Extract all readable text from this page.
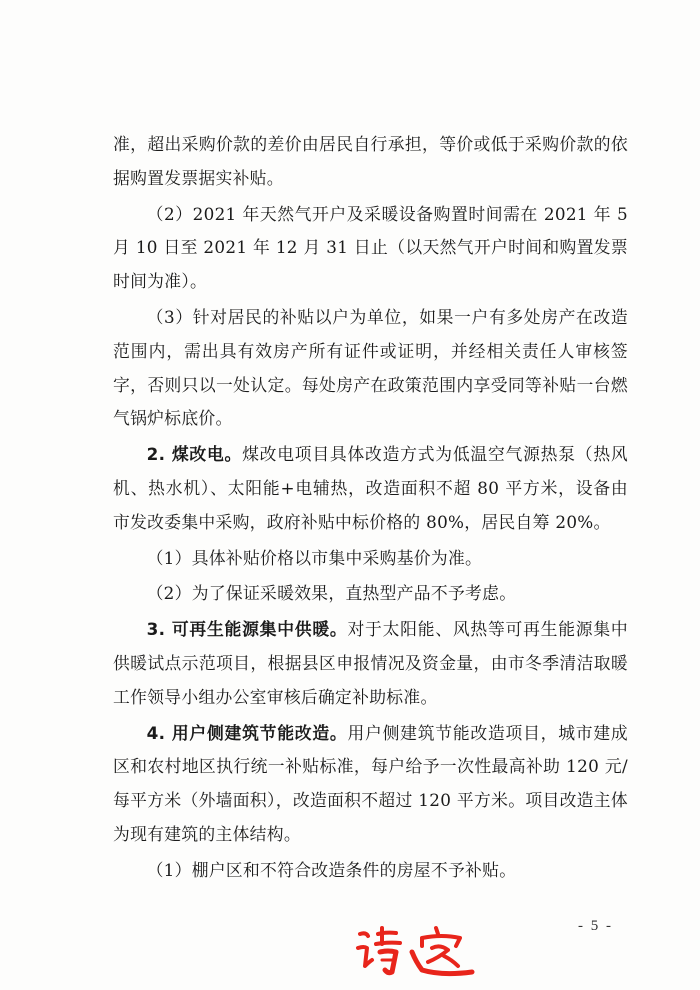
准，超出采购价款的差价由居民自行承担，等价或低于采购价款的依据购置发票据实补贴。

（2）2021 年天然气开户及采暖设备购置时间需在 2021 年 5 月 10 日至 2021 年 12 月 31 日止（以天然气开户时间和购置发票时间为准）。

（3）针对居民的补贴以户为单位，如果一户有多处房产在改造范围内，需出具有效房产所有证件或证明，并经相关责任人审核签字，否则只以一处认定。每处房产在政策范围内享受同等补贴一台燃气锅炉标底价。

2. 煤改电。煤改电项目具体改造方式为低温空气源热泵（热风机、热水机）、太阳能+电辅热，改造面积不超 80 平方米，设备由市发改委集中采购，政府补贴中标价格的 80%，居民自筹 20%。

（1）具体补贴价格以市集中采购基价为准。

（2）为了保证采暖效果，直热型产品不予考虑。

3. 可再生能源集中供暖。对于太阳能、风热等可再生能源集中供暖试点示范项目，根据县区申报情况及资金量，由市冬季清洁取暖工作领导小组办公室审核后确定补助标准。

4. 用户侧建筑节能改造。用户侧建筑节能改造项目，城市建成区和农村地区执行统一补贴标准，每户给予一次性最高补助 120 元/每平方米（外墙面积），改造面积不超过 120 平方米。项目改造主体为现有建筑的主体结构。

（1）棚户区和不符合改造条件的房屋不予补贴。

- 5 -
